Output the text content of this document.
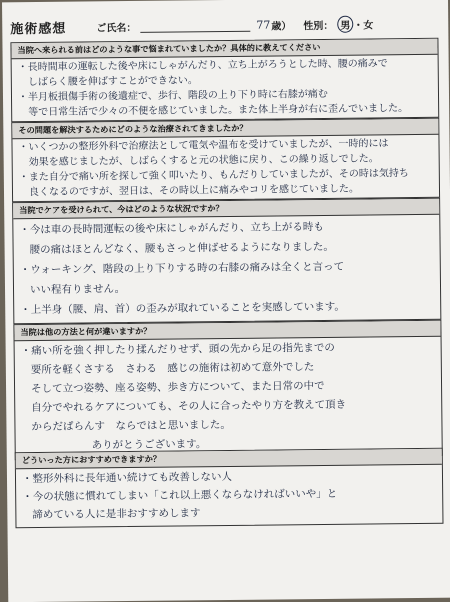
施術感想	ご氏名：	77 歳） 性別： 男 ・ 女
当院へ来られる前はどのような事で悩まれていましたか？具体的に教えてください
・長時間車の運転した後や床にしゃがんだり、立ち上がろうとした時、腰の痛みで
しばらく腰を伸ばすことができない。
・半月板損傷手術の後遺症で、歩行、階段の上り下り時に右膝が痛む
等で日常生活で少々の不便を感じていました。また体上半身が右に歪んでいました。
その問題を解決するためにどのような治療されてきましたか？
・いくつかの整形外科で治療法として電気や温布を受けていましたが、一時的には
効果を感じましたが、しばらくすると元の状態に戻り、この繰り返しでした。
・また自分で痛い所を探して強く叩いたり、もんだりしていましたが、その時は気持ち
良くなるのですが、翌日は、その時以上に痛みやコリを感じていました。
当院でケアを受けられて、今はどのような状況ですか？
・今は車の長時間運転の後や床にしゃがんだり、立ち上がる時も
腰の痛はほとんどなく、腰もさっと伸ばせるようになりました。
・ウォーキング、階段の上り下りする時の右膝の痛みは全くと言って
いい程有りません。
・上半身（腰、肩、首）の歪みが取れていることを実感しています。
当院は他の方法と何が違いますか？
・痛い所を強く押したり揉んだりせず、頭の先から足の指先までの
要所を軽くさする　さわる　感じの施術は初めて意外でした
そして立つ姿勢、座る姿勢、歩き方について、また日常の中で
自分でやれるケアについても、その人に合ったやり方を教えて頂き
からだぱらんす　ならではと思いました。
ありがとうございます。
どういった方におすすめできますか？
・整形外科に長年通い続けても改善しない人
・今の状態に慣れてしまい「これ以上悪くならなければいいや」と
諦めている人に是非おすすめします
